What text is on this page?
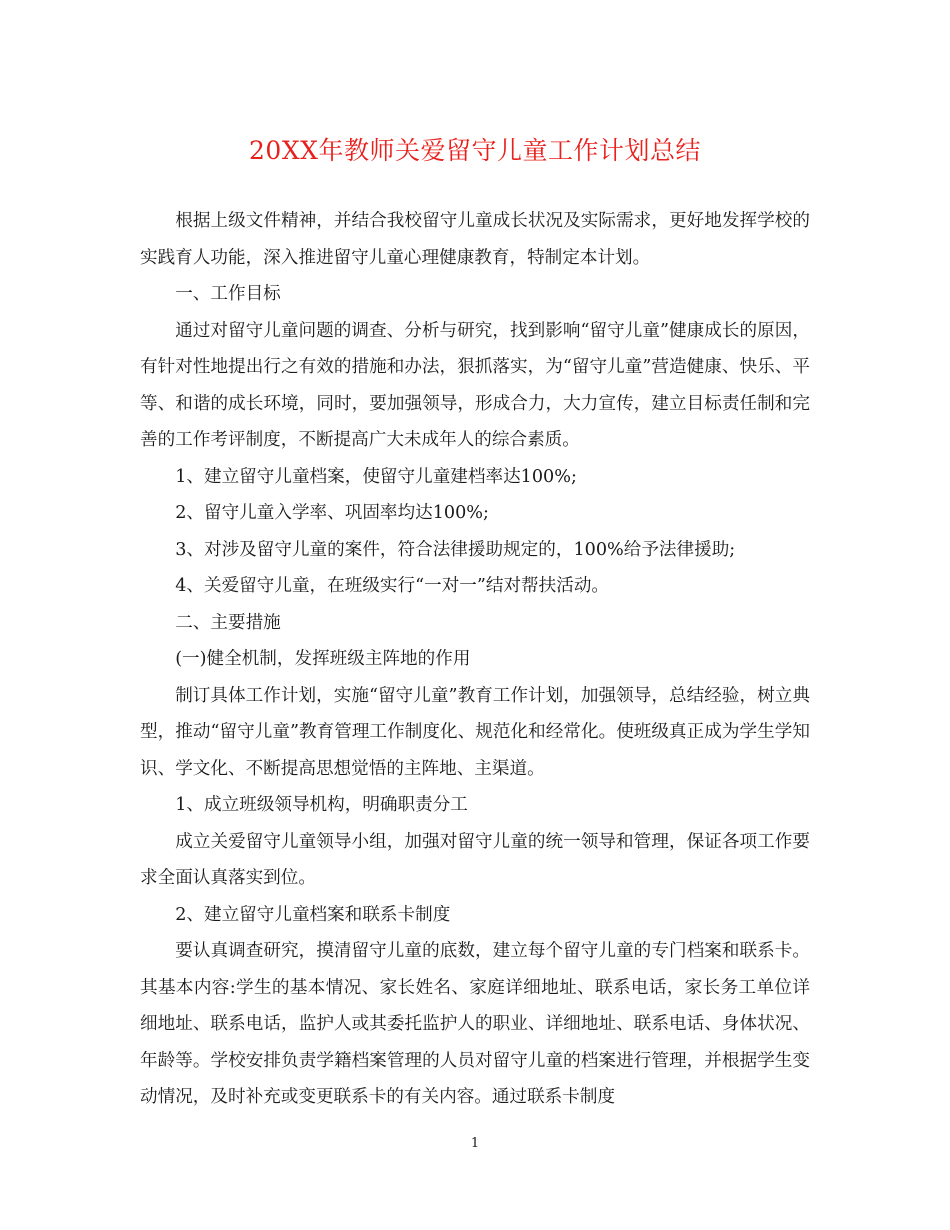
20XX年教师关爱留守儿童工作计划总结

根据上级文件精神，并结合我校留守儿童成长状况及实际需求，更好地发挥学校的实践育人功能，深入推进留守儿童心理健康教育，特制定本计划。

一、工作目标

通过对留守儿童问题的调查、分析与研究，找到影响“留守儿童”健康成长的原因，有针对性地提出行之有效的措施和办法，狠抓落实，为“留守儿童”营造健康、快乐、平等、和谐的成长环境，同时，要加强领导，形成合力，大力宣传，建立目标责任制和完善的工作考评制度，不断提高广大未成年人的综合素质。

1、建立留守儿童档案，使留守儿童建档率达100%;

2、留守儿童入学率、巩固率均达100%;

3、对涉及留守儿童的案件，符合法律援助规定的，100%给予法律援助;

4、关爱留守儿童，在班级实行“一对一”结对帮扶活动。

二、主要措施

(一)健全机制，发挥班级主阵地的作用

制订具体工作计划，实施“留守儿童”教育工作计划，加强领导，总结经验，树立典型，推动“留守儿童”教育管理工作制度化、规范化和经常化。使班级真正成为学生学知识、学文化、不断提高思想觉悟的主阵地、主渠道。

1、成立班级领导机构，明确职责分工

成立关爱留守儿童领导小组，加强对留守儿童的统一领导和管理，保证各项工作要求全面认真落实到位。

2、建立留守儿童档案和联系卡制度

要认真调查研究，摸清留守儿童的底数，建立每个留守儿童的专门档案和联系卡。其基本内容:学生的基本情况、家长姓名、家庭详细地址、联系电话，家长务工单位详细地址、联系电话，监护人或其委托监护人的职业、详细地址、联系电话、身体状况、年龄等。学校安排负责学籍档案管理的人员对留守儿童的档案进行管理，并根据学生变动情况，及时补充或变更联系卡的有关内容。通过联系卡制度

1
